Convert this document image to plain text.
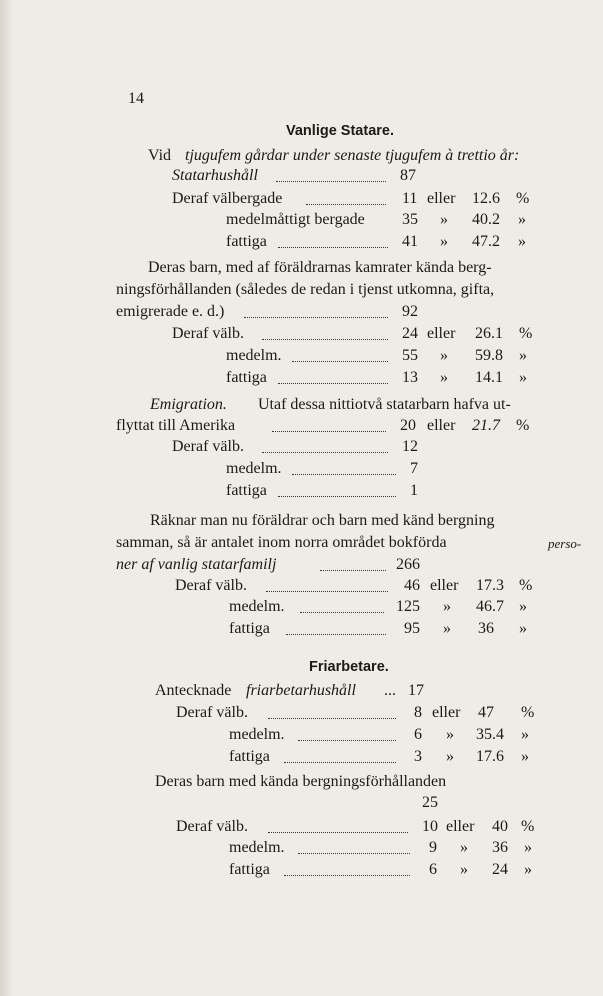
14
Vanlige Statare.
Vid tjugufem gårdar under senaste tjugufem à trettio år:
Statarhushåll	87
Deraf välbergade	11 eller 12.6 %
medelmåttigt bergade 35 » 40.2 »
fattiga	41 » 47.2 »
Deras barn, med af föräldrarnas kamrater kända berg-
ningsförhållanden (således de redan i tjenst utkomna, gifta,
emigrerade e. d.)	92
Deraf välb.	24 eller 26.1 %
medelm.	55 » 59.8 »
fattiga	13 » 14.1 »
Emigration. Utaf dessa nittiotvå statarbarn hafva ut-
flyttat till Amerika	20 eller 21.7 %
Deraf välb.	12
medelm.	7
fattiga	1
Räknar man nu föräldrar och barn med känd bergning
samman, så är antalet inom norra området bokförda	perso-
ner af vanlig statarfamilj	266
Deraf välb.	46 eller 17.3 %
medelm.	125 » 46.7 »
fattiga	95 » 36 »
Friarbetare.
Antecknade friarbetarhushåll ... 17
Deraf välb.	8 eller 47 %
medelm.	6 » 35.4 »
fattiga	3 » 17.6 »
Deras barn med kända bergningsförhållanden
25
Deraf välb.	10 eller 40 %
medelm.	9 » 36 »
fattiga	6 » 24 »
